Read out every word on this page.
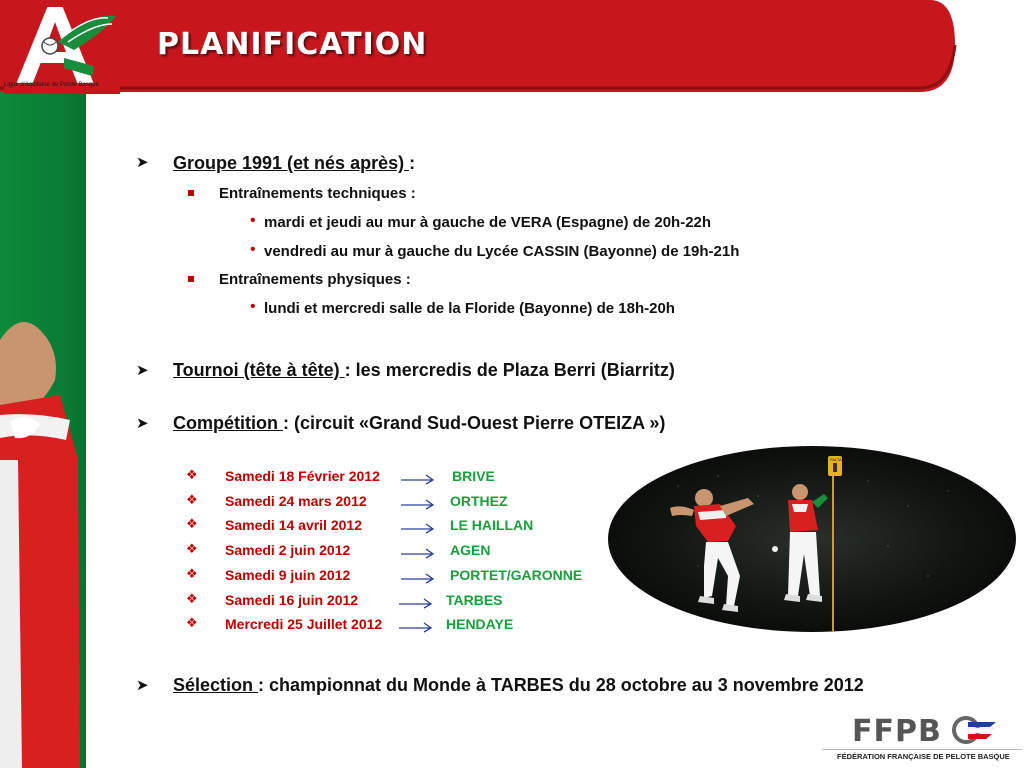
PLANIFICATION
Ligue d'Aquitaine de Pelote Basque
➤ Groupe 1991 (et nés après) :
Entraînements techniques :
• mardi et jeudi au mur à gauche de VERA (Espagne) de 20h-22h
• vendredi au mur à gauche du Lycée CASSIN (Bayonne) de 19h-21h
Entraînements physiques :
• lundi et mercredi salle de la Floride (Bayonne) de 18h-20h
➤ Tournoi (tête à tête) : les mercredis de Plaza Berri (Biarritz)
➤ Compétition : (circuit «Grand Sud-Ouest Pierre OTEIZA »)
❖ Samedi 18 Février 2012	BRIVE
❖ Samedi 24 mars 2012	ORTHEZ
❖ Samedi 14 avril 2012	LE HAILLAN
❖ Samedi 2 juin 2012	AGEN
❖ Samedi 9 juin 2012	PORTET/GARONNE
❖ Samedi 16 juin 2012	TARBES
❖ Mercredi 25 Juillet 2012	HENDAYE
FALTA
➤ Sélection : championnat du Monde à TARBES du 28 octobre au 3 novembre 2012
FFPB
FÉDÉRATION FRANÇAISE DE PELOTE BASQUE
